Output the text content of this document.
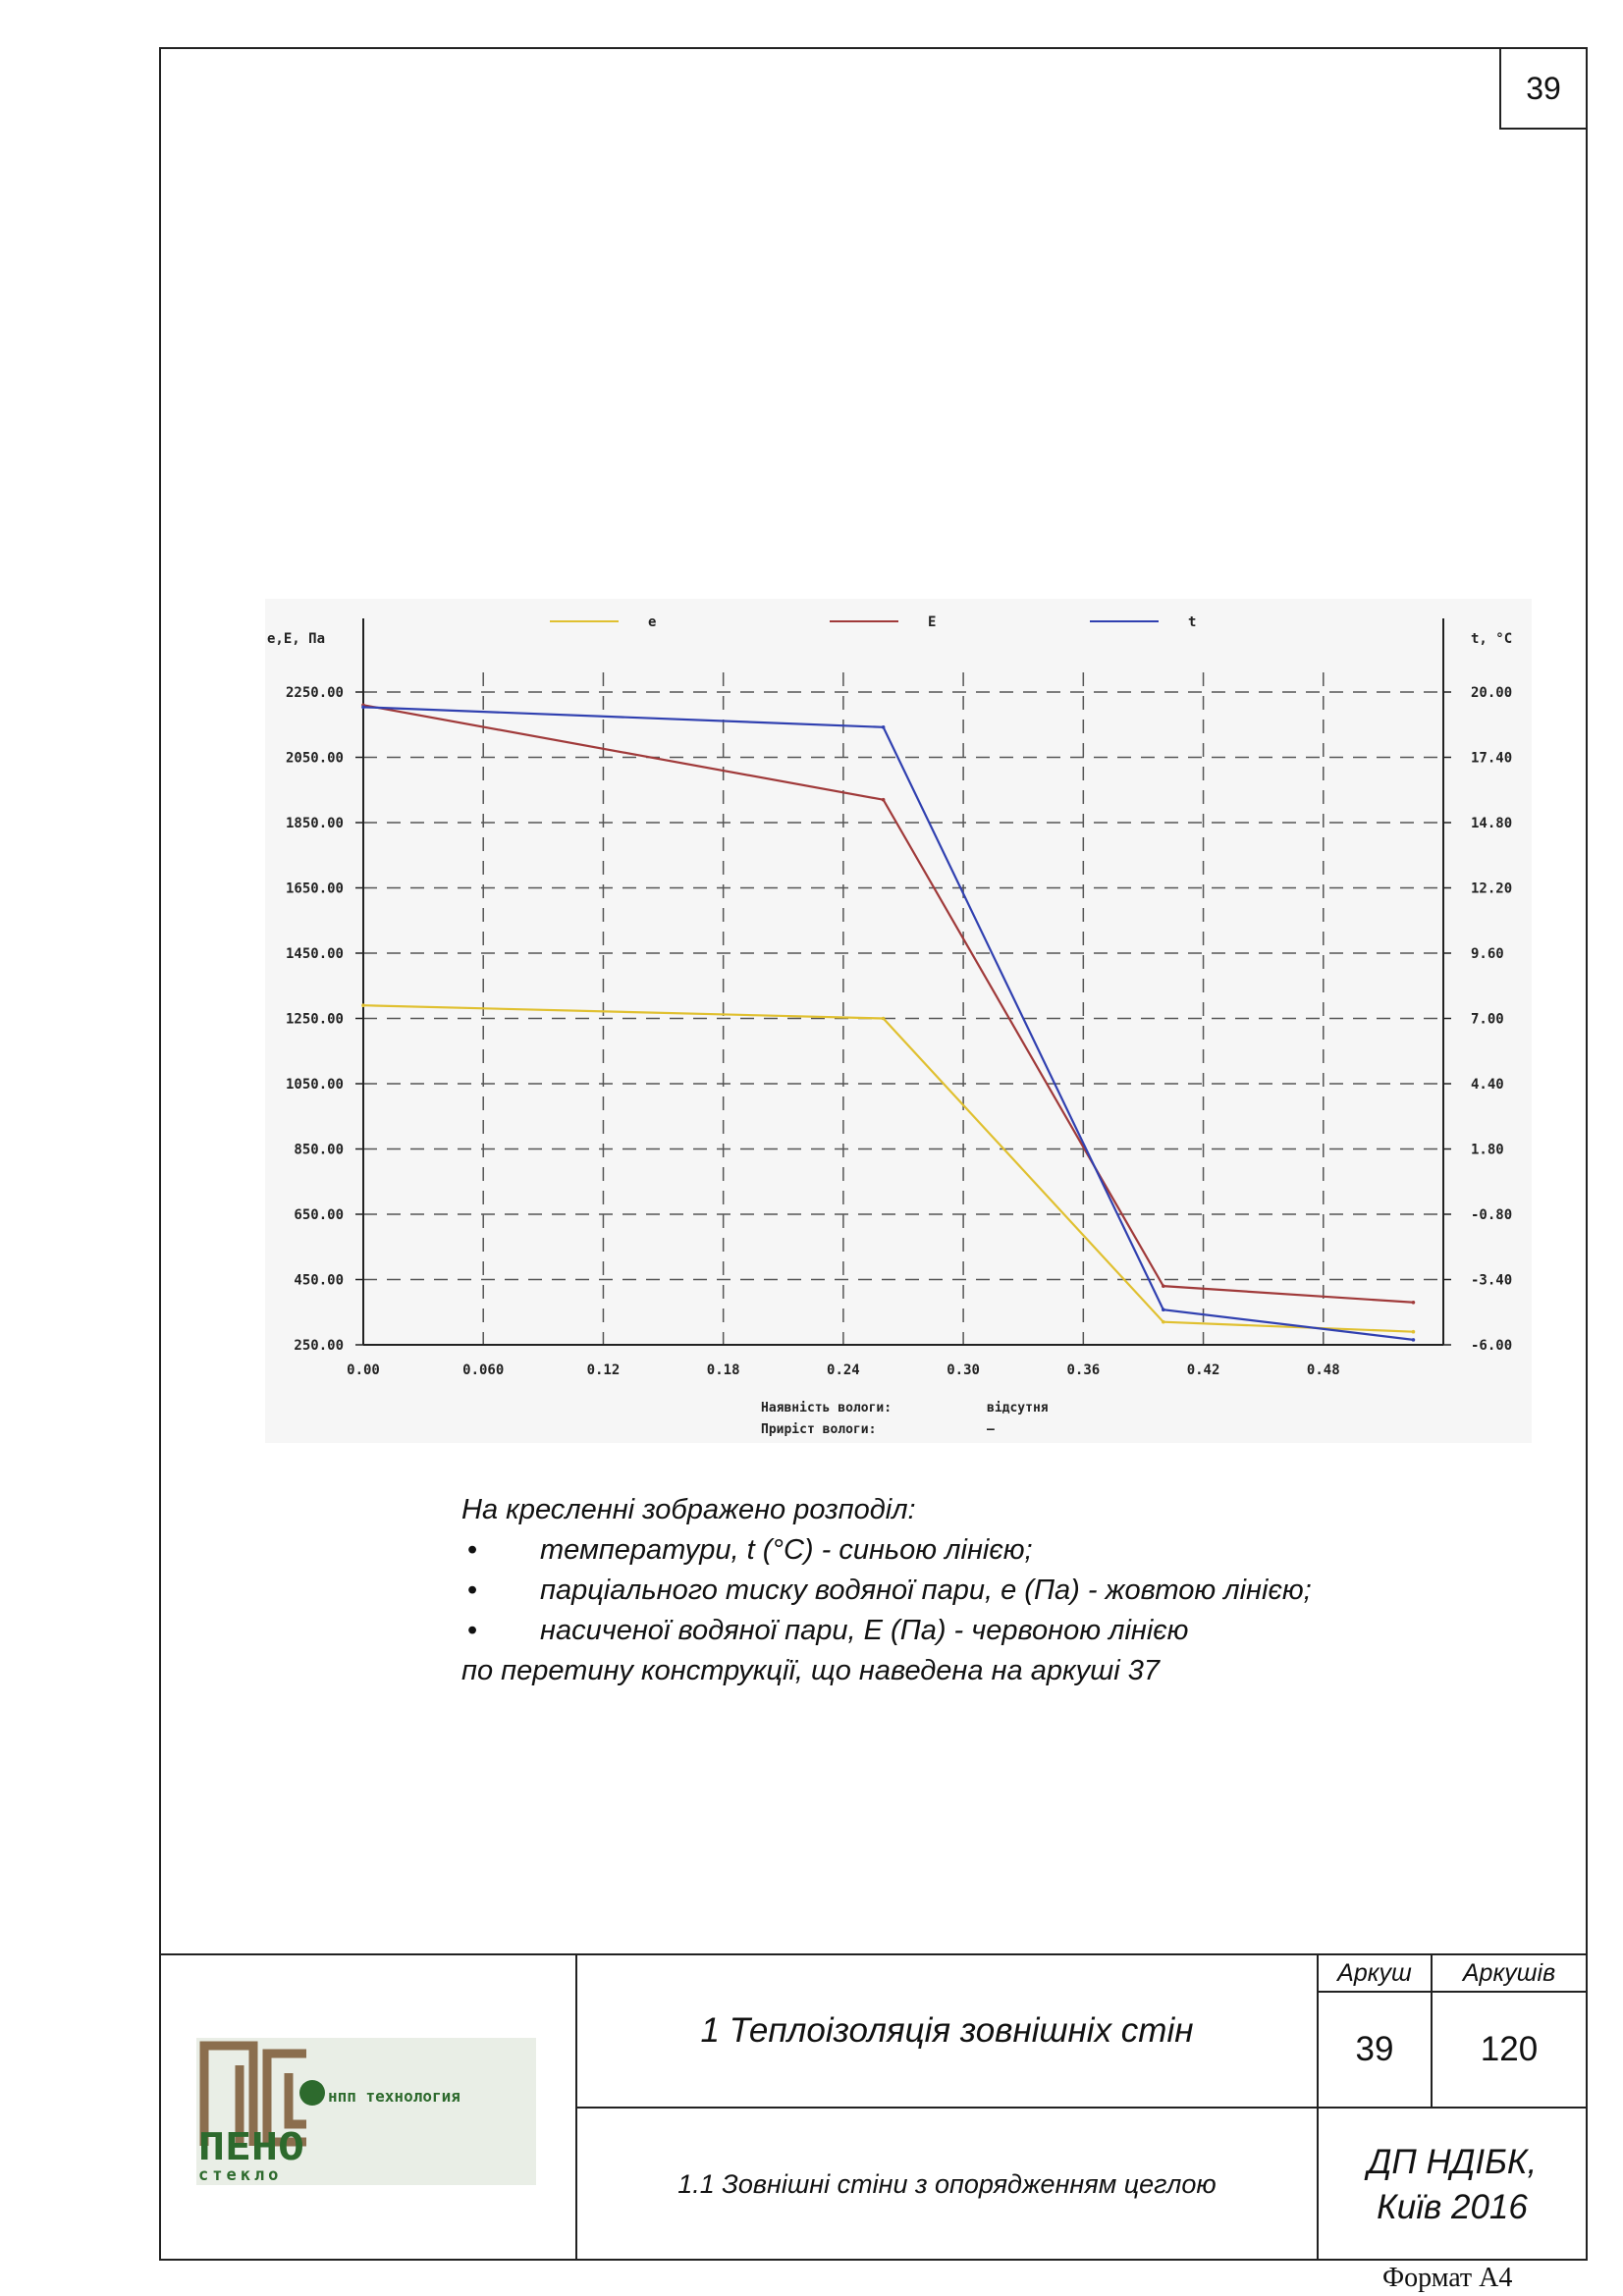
39
0.00	0.060	0.12	0.18	0.24	0.30	0.36	0.42	0.48
2250.00	20.00
2050.00	17.40
1850.00	14.80
1650.00	12.20
1450.00	9.60
1250.00	7.00
1050.00	4.40
850.00	1.80
650.00	-0.80
450.00	-3.40
250.00	-6.00
e,E, Па	t, °C
e	E	t
Наявність вологи:	відсутня
Приріст вологи:	–
На кресленні зображено розподіл:
• температури, t (°С) - синьою лінією;
• парціального тиску водяної пари, е (Па) - жовтою лінією;
• насиченої водяної пари, Е (Па) - червоною лінією
по перетину конструкції, що наведена на аркуші 37
нпп технология
ПЕНО
стекло
1 Теплоізоляція зовнішніх стін
1.1 Зовнішні стіни з опорядженням цеглою
Аркуш	Аркушів
39	120
ДП НДІБК,
Київ 2016
Формат А4
